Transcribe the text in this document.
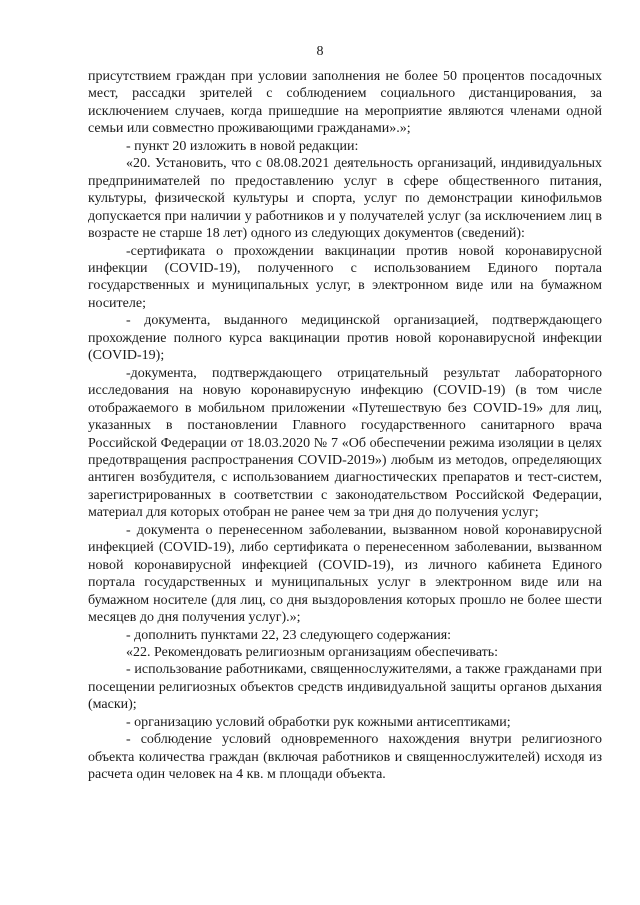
8

присутствием граждан при условии заполнения не более 50 процентов посадочных мест, рассадки зрителей с соблюдением социального дистанцирования, за исключением случаев, когда пришедшие на мероприятие являются членами одной семьи или совместно проживающими гражданами».»;

- пункт 20 изложить в новой редакции:

«20. Установить, что с 08.08.2021 деятельность организаций, индивидуальных предпринимателей по предоставлению услуг в сфере общественного питания, культуры, физической культуры и спорта, услуг по демонстрации кинофильмов допускается при наличии у работников и у получателей услуг (за исключением лиц в возрасте не старше 18 лет) одного из следующих документов (сведений):

-сертификата о прохождении вакцинации против новой коронавирусной инфекции (COVID-19), полученного с использованием Единого портала государственных и муниципальных услуг, в электронном виде или на бумажном носителе;

- документа, выданного медицинской организацией, подтверждающего прохождение полного курса вакцинации против новой коронавирусной инфекции (COVID-19);

-документа, подтверждающего отрицательный результат лабораторного исследования на новую коронавирусную инфекцию (COVID-19) (в том числе отображаемого в мобильном приложении «Путешествую без COVID-19» для лиц, указанных в постановлении Главного государственного санитарного врача Российской Федерации от 18.03.2020 № 7 «Об обеспечении режима изоляции в целях предотвращения распространения COVID-2019») любым из методов, определяющих антиген возбудителя, с использованием диагностических препаратов и тест-систем, зарегистрированных в соответствии с законодательством Российской Федерации, материал для которых отобран не ранее чем за три дня до получения услуг;

- документа о перенесенном заболевании, вызванном новой коронавирусной инфекцией (COVID-19), либо сертификата о перенесенном заболевании, вызванном новой коронавирусной инфекцией (COVID-19), из личного кабинета Единого портала государственных и муниципальных услуг в электронном виде или на бумажном носителе (для лиц, со дня выздоровления которых прошло не более шести месяцев до дня получения услуг).»;

- дополнить пунктами 22, 23 следующего содержания:

«22. Рекомендовать религиозным организациям обеспечивать:

- использование работниками, священнослужителями, а также гражданами при посещении религиозных объектов средств индивидуальной защиты органов дыхания (маски);

- организацию условий обработки рук кожными антисептиками;

- соблюдение условий одновременного нахождения внутри религиозного объекта количества граждан (включая работников и священнослужителей) исходя из расчета один человек на 4 кв. м площади объекта.
